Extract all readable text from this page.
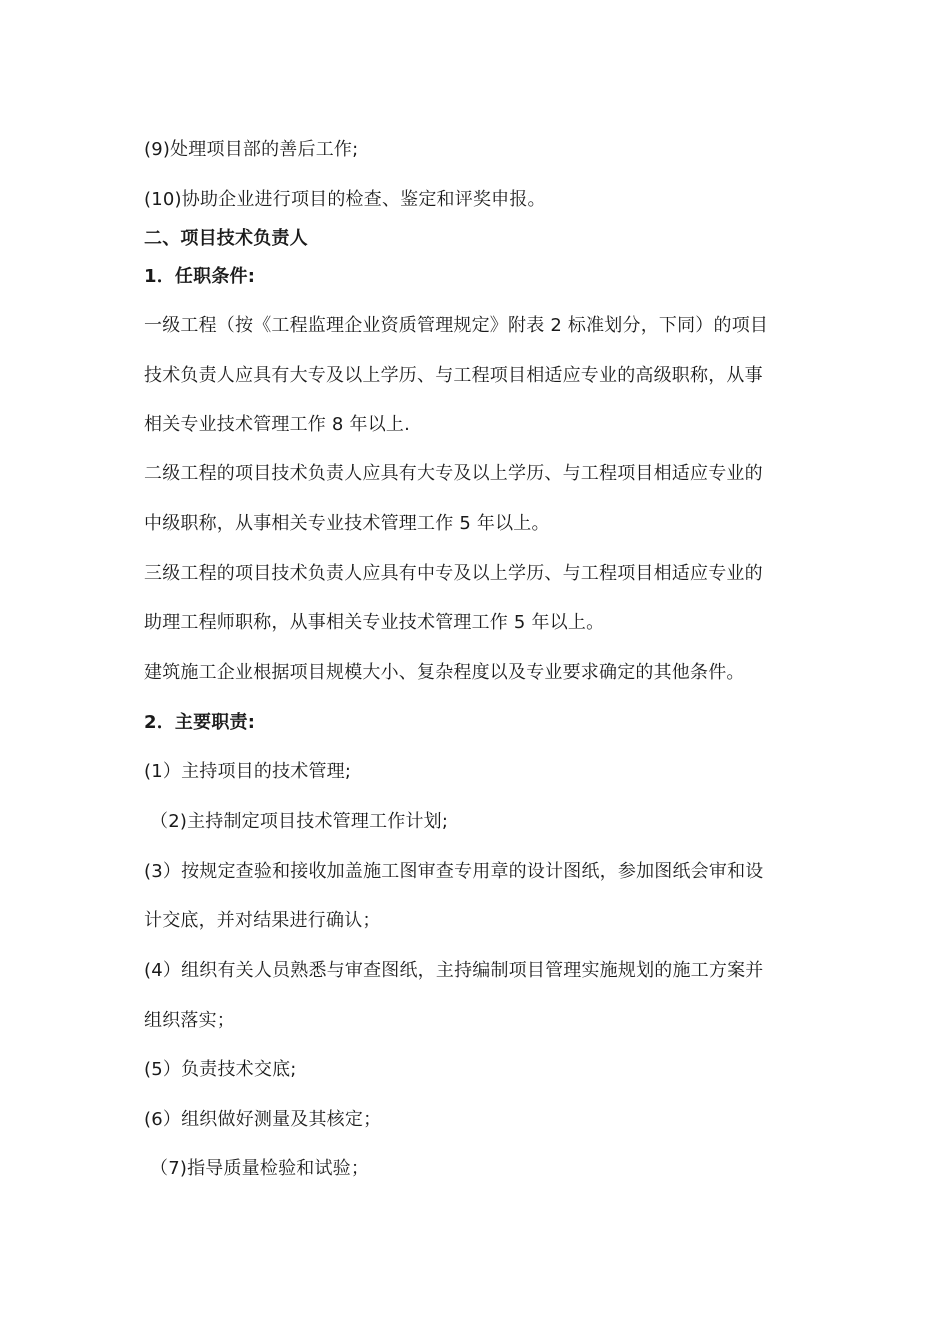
(9)处理项目部的善后工作;
(10)协助企业进行项目的检查、鉴定和评奖申报。
二、项目技术负责人
1．任职条件:
一级工程（按《工程监理企业资质管理规定》附表 2 标准划分，下同）的项目
技术负责人应具有大专及以上学历、与工程项目相适应专业的高级职称，从事
相关专业技术管理工作 8 年以上.
二级工程的项目技术负责人应具有大专及以上学历、与工程项目相适应专业的
中级职称，从事相关专业技术管理工作 5 年以上。
三级工程的项目技术负责人应具有中专及以上学历、与工程项目相适应专业的
助理工程师职称，从事相关专业技术管理工作 5 年以上。
建筑施工企业根据项目规模大小、复杂程度以及专业要求确定的其他条件。
2．主要职责:
(1）主持项目的技术管理;
（2)主持制定项目技术管理工作计划;
(3）按规定查验和接收加盖施工图审查专用章的设计图纸，参加图纸会审和设
计交底，并对结果进行确认；
(4）组织有关人员熟悉与审查图纸，主持编制项目管理实施规划的施工方案并
组织落实；
(5）负责技术交底;
(6）组织做好测量及其核定；
（7)指导质量检验和试验；
